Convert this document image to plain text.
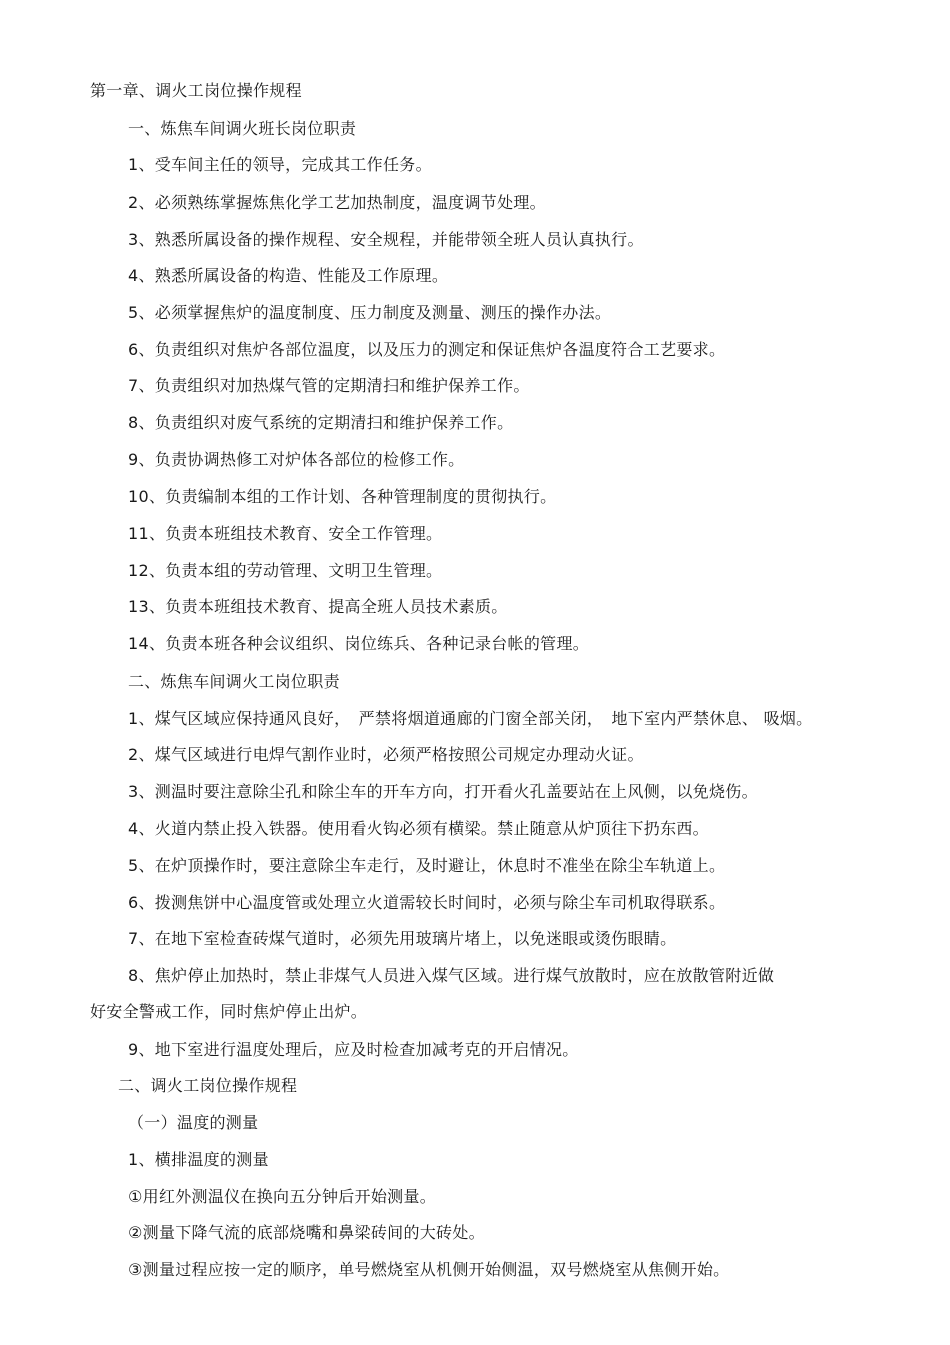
第一章、调火工岗位操作规程
一、炼焦车间调火班长岗位职责
1、受车间主任的领导，完成其工作任务。
2、必须熟练掌握炼焦化学工艺加热制度，温度调节处理。
3、熟悉所属设备的操作规程、安全规程，并能带领全班人员认真执行。
4、熟悉所属设备的构造、性能及工作原理。
5、必须掌握焦炉的温度制度、压力制度及测量、测压的操作办法。
6、负责组织对焦炉各部位温度，以及压力的测定和保证焦炉各温度符合工艺要求。
7、负责组织对加热煤气管的定期清扫和维护保养工作。
8、负责组织对废气系统的定期清扫和维护保养工作。
9、负责协调热修工对炉体各部位的检修工作。
10、负责编制本组的工作计划、各种管理制度的贯彻执行。
11、负责本班组技术教育、安全工作管理。
12、负责本组的劳动管理、文明卫生管理。
13、负责本班组技术教育、提高全班人员技术素质。
14、负责本班各种会议组织、岗位练兵、各种记录台帐的管理。
二、炼焦车间调火工岗位职责
1、煤气区域应保持通风良好，　严禁将烟道通廊的门窗全部关闭，　地下室内严禁休息、 吸烟。
2、煤气区域进行电焊气割作业时，必须严格按照公司规定办理动火证。
3、测温时要注意除尘孔和除尘车的开车方向，打开看火孔盖要站在上风侧，以免烧伤。
4、火道内禁止投入铁器。使用看火钩必须有横梁。禁止随意从炉顶往下扔东西。
5、在炉顶操作时，要注意除尘车走行，及时避让，休息时不准坐在除尘车轨道上。
6、拨测焦饼中心温度管或处理立火道需较长时间时，必须与除尘车司机取得联系。
7、在地下室检查砖煤气道时，必须先用玻璃片堵上，以免迷眼或烫伤眼睛。
8、焦炉停止加热时，禁止非煤气人员进入煤气区域。进行煤气放散时，应在放散管附近做
好安全警戒工作，同时焦炉停止出炉。
9、地下室进行温度处理后，应及时检查加减考克的开启情况。
二、调火工岗位操作规程
（一）温度的测量
1、横排温度的测量
①用红外测温仪在换向五分钟后开始测量。
②测量下降气流的底部烧嘴和鼻梁砖间的大砖处。
③测量过程应按一定的顺序，单号燃烧室从机侧开始侧温，双号燃烧室从焦侧开始。
